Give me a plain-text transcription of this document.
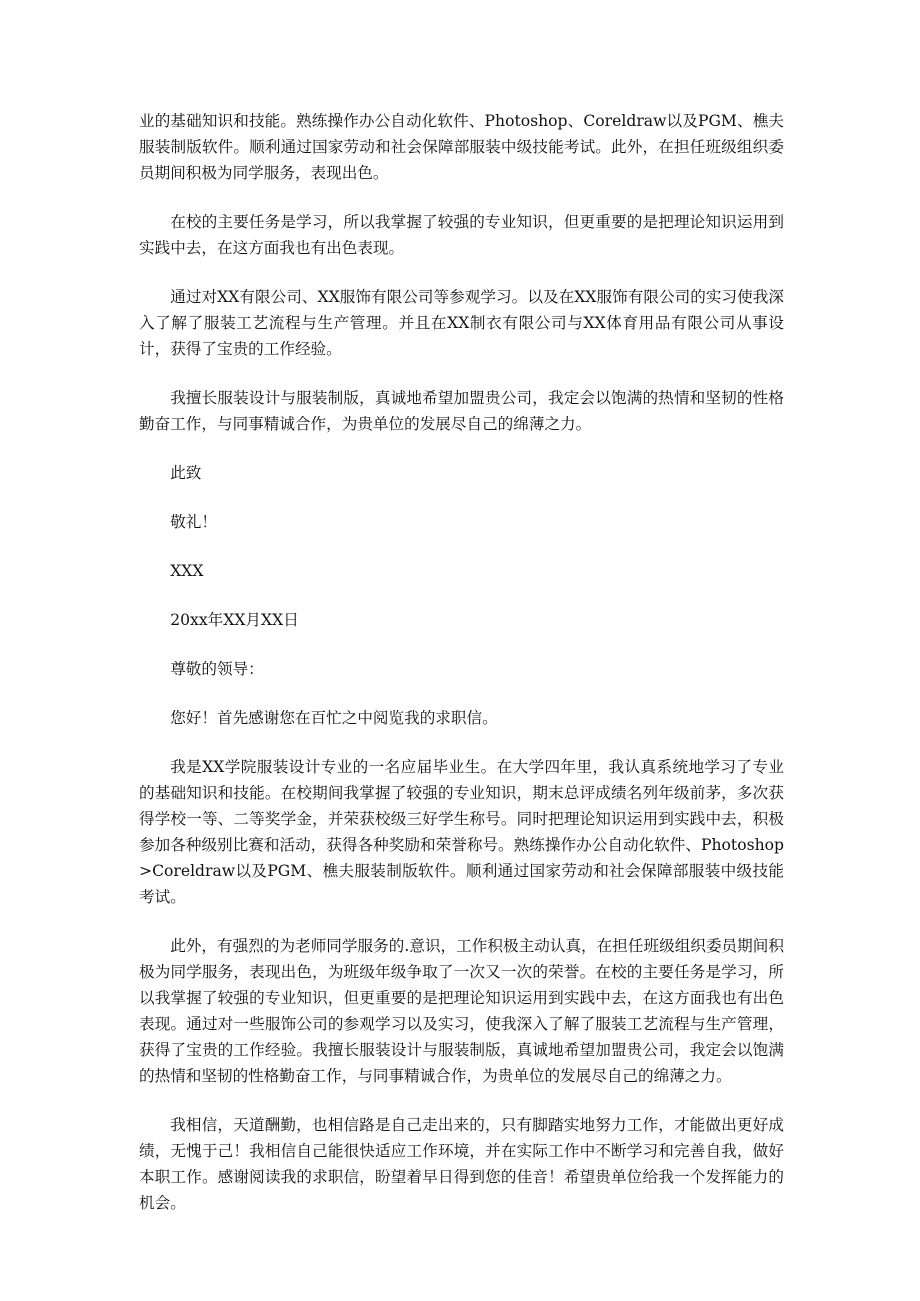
业的基础知识和技能。熟练操作办公自动化软件、Photoshop、Coreldraw以及PGM、樵夫服装制版软件。顺利通过国家劳动和社会保障部服装中级技能考试。此外，在担任班级组织委员期间积极为同学服务，表现出色。

在校的主要任务是学习，所以我掌握了较强的专业知识，但更重要的是把理论知识运用到实践中去，在这方面我也有出色表现。

通过对XX有限公司、XX服饰有限公司等参观学习。以及在XX服饰有限公司的实习使我深入了解了服装工艺流程与生产管理。并且在XX制衣有限公司与XX体育用品有限公司从事设计，获得了宝贵的工作经验。

我擅长服装设计与服装制版，真诚地希望加盟贵公司，我定会以饱满的热情和坚韧的性格勤奋工作，与同事精诚合作，为贵单位的发展尽自己的绵薄之力。

此致
敬礼！
XXX
20xx年XX月XX日
尊敬的领导：
您好！首先感谢您在百忙之中阅览我的求职信。

我是XX学院服装设计专业的一名应届毕业生。在大学四年里，我认真系统地学习了专业的基础知识和技能。在校期间我掌握了较强的专业知识，期末总评成绩名列年级前茅，多次获得学校一等、二等奖学金，并荣获校级三好学生称号。同时把理论知识运用到实践中去，积极参加各种级别比赛和活动，获得各种奖励和荣誉称号。熟练操作办公自动化软件、Photoshop>Coreldraw以及PGM、樵夫服装制版软件。顺利通过国家劳动和社会保障部服装中级技能考试。

此外，有强烈的为老师同学服务的.意识，工作积极主动认真，在担任班级组织委员期间积极为同学服务，表现出色，为班级年级争取了一次又一次的荣誉。在校的主要任务是学习，所以我掌握了较强的专业知识，但更重要的是把理论知识运用到实践中去，在这方面我也有出色表现。通过对一些服饰公司的参观学习以及实习，使我深入了解了服装工艺流程与生产管理，获得了宝贵的工作经验。我擅长服装设计与服装制版，真诚地希望加盟贵公司，我定会以饱满的热情和坚韧的性格勤奋工作，与同事精诚合作，为贵单位的发展尽自己的绵薄之力。

我相信，天道酬勤，也相信路是自己走出来的，只有脚踏实地努力工作，才能做出更好成绩，无愧于己！我相信自己能很快适应工作环境，并在实际工作中不断学习和完善自我，做好本职工作。感谢阅读我的求职信，盼望着早日得到您的佳音！希望贵单位给我一个发挥能力的机会。
